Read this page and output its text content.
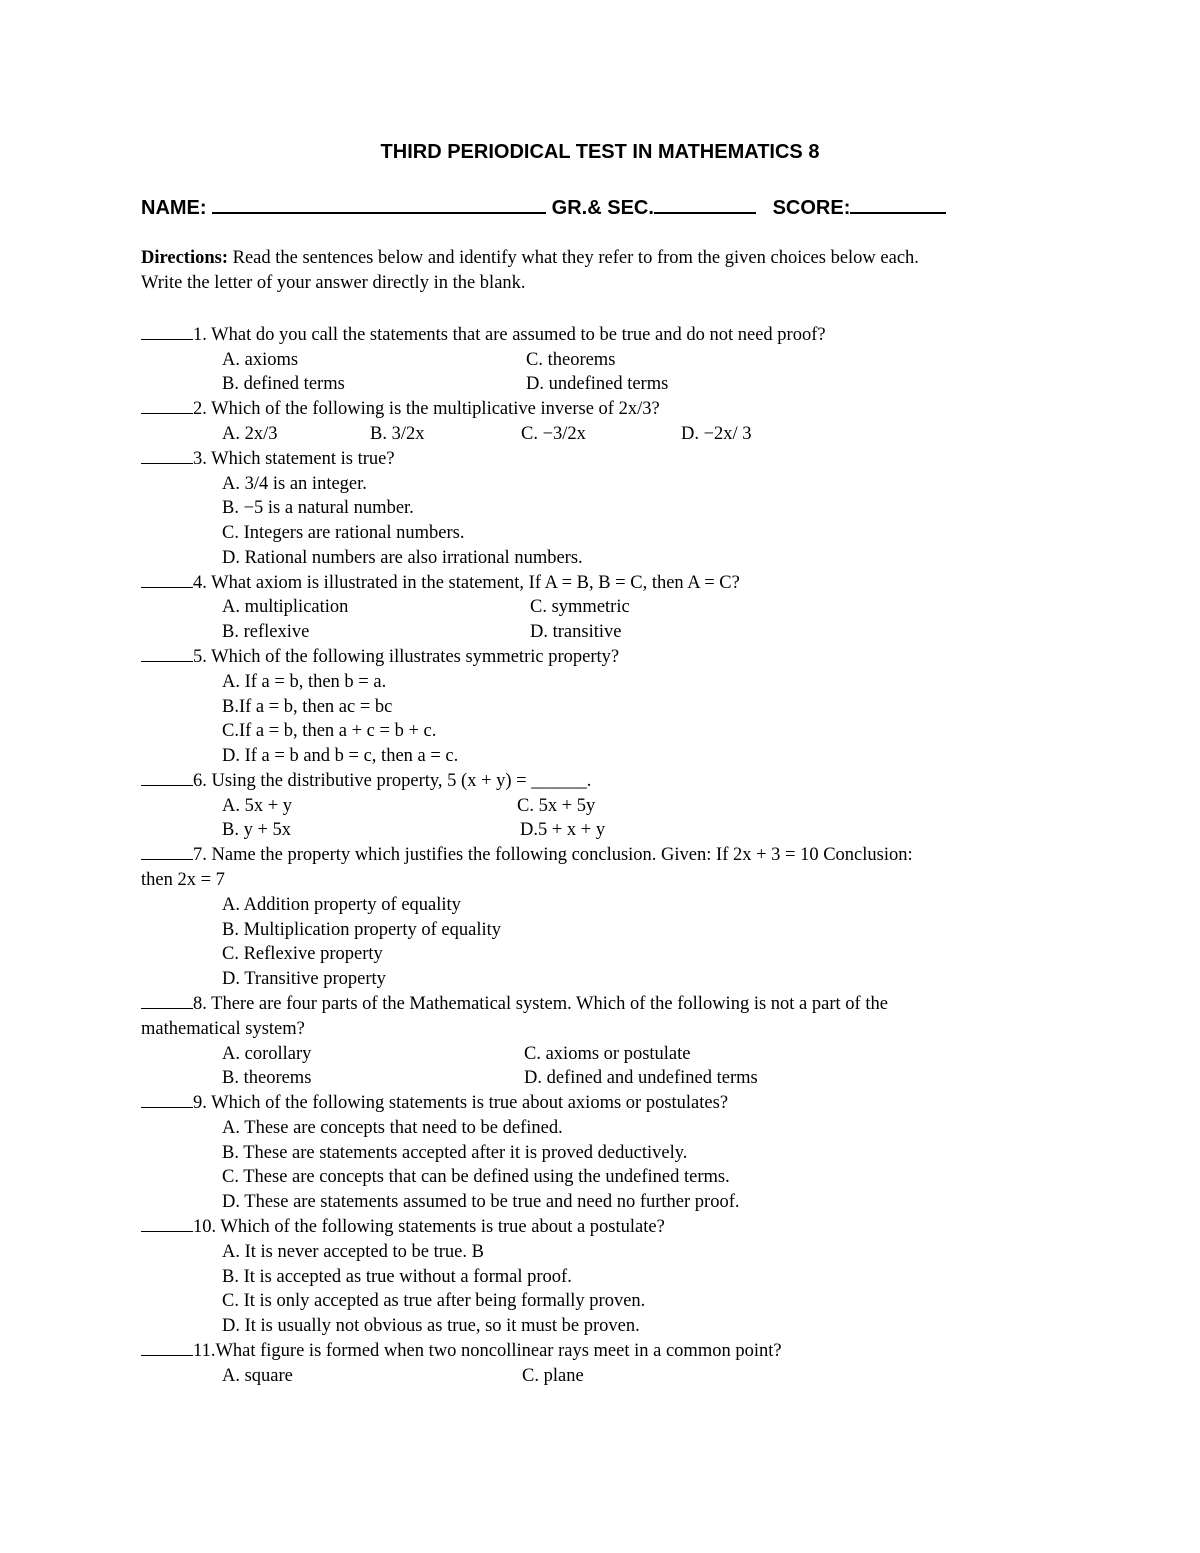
THIRD PERIODICAL TEST IN MATHEMATICS 8
NAME:	GR.& SEC.	SCORE:
Directions: Read the sentences below and identify what they refer to from the given choices below each.
Write the letter of your answer directly in the blank.
1. What do you call the statements that are assumed to be true and do not need proof?
A. axioms	C. theorems
B. defined terms	D. undefined terms
2. Which of the following is the multiplicative inverse of 2x/3?
A. 2x/3	B. 3/2x	C. −3/2x	D. −2x/ 3
3. Which statement is true?
A. 3/4 is an integer.
B. −5 is a natural number.
C. Integers are rational numbers.
D. Rational numbers are also irrational numbers.
4. What axiom is illustrated in the statement, If A = B, B = C, then A = C?
A. multiplication	C. symmetric
B. reflexive	D. transitive
5. Which of the following illustrates symmetric property?
A. If a = b, then b = a.
B.If a = b, then ac = bc
C.If a = b, then a + c = b + c.
D. If a = b and b = c, then a = c.
6. Using the distributive property, 5 (x + y) = ______.
A. 5x + y	C. 5x + 5y
B. y + 5x	D.5 + x + y
7. Name the property which justifies the following conclusion. Given: If 2x + 3 = 10 Conclusion:
then 2x = 7
A. Addition property of equality
B. Multiplication property of equality
C. Reflexive property
D. Transitive property
8. There are four parts of the Mathematical system. Which of the following is not a part of the
mathematical system?
A. corollary	C. axioms or postulate
B. theorems	D. defined and undefined terms
9. Which of the following statements is true about axioms or postulates?
A. These are concepts that need to be defined.
B. These are statements accepted after it is proved deductively.
C. These are concepts that can be defined using the undefined terms.
D. These are statements assumed to be true and need no further proof.
10. Which of the following statements is true about a postulate?
A. It is never accepted to be true. B
B. It is accepted as true without a formal proof.
C. It is only accepted as true after being formally proven.
D. It is usually not obvious as true, so it must be proven.
11.What figure is formed when two noncollinear rays meet in a common point?
A. square	C. plane
